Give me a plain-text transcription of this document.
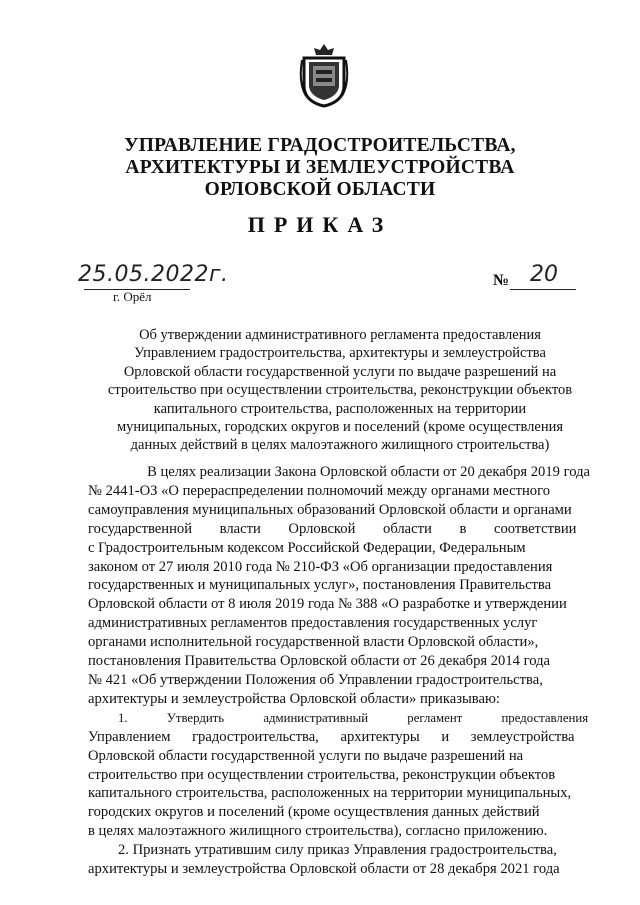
УПРАВЛЕНИЕ ГРАДОСТРОИТЕЛЬСТВА,
АРХИТЕКТУРЫ И ЗЕМЛЕУСТРОЙСТВА
ОРЛОВСКОЙ ОБЛАСТИ
ПРИКАЗ
25.05.2022г.
г. Орёл
№ 20
Об утверждении административного регламента предоставления
Управлением градостроительства, архитектуры и землеустройства
Орловской области государственной услуги по выдаче разрешений на
строительство при осуществлении строительства, реконструкции объектов
капитального строительства, расположенных на территории
муниципальных, городских округов и поселений (кроме осуществления
данных действий в целях малоэтажного жилищного строительства)
В целях реализации Закона Орловской области от 20 декабря 2019 года
№ 2441-ОЗ «О перераспределении полномочий между органами местного
самоуправления муниципальных образований Орловской области и органами
государственной власти Орловской области в соответствии
с Градостроительным кодексом Российской Федерации, Федеральным
законом от 27 июля 2010 года № 210-ФЗ «Об организации предоставления
государственных и муниципальных услуг», постановления Правительства
Орловской области от 8 июля 2019 года № 388 «О разработке и утверждении
административных регламентов предоставления государственных услуг
органами исполнительной государственной власти Орловской области»,
постановления Правительства Орловской области от 26 декабря 2014 года
№ 421 «Об утверждении Положения об Управлении градостроительства,
архитектуры и землеустройства Орловской области» приказываю:
1. Утвердить административный регламент предоставления
Управлением градостроительства, архитектуры и землеустройства
Орловской области государственной услуги по выдаче разрешений на
строительство при осуществлении строительства, реконструкции объектов
капитального строительства, расположенных на территории муниципальных,
городских округов и поселений (кроме осуществления данных действий
в целях малоэтажного жилищного строительства), согласно приложению.
2. Признать утратившим силу приказ Управления градостроительства,
архитектуры и землеустройства Орловской области от 28 декабря 2021 года
